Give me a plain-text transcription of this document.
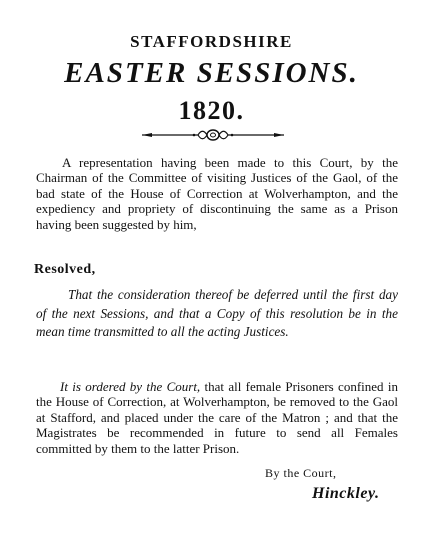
STAFFORDSHIRE
EASTER SESSIONS.
1820.
A representation having been made to this Court, by the Chairman of the Committee of visiting Justices of the Gaol, of the bad state of the House of Correction at Wolverhampton, and the expediency and propriety of discontinuing the same as a Prison having been suggested by him,
Resolved,
That the consideration thereof be deferred until the first day of the next Sessions, and that a Copy of this resolution be in the mean time transmitted to all the acting Justices.
It is ordered by the Court, that all female Prisoners confined in the House of Correction, at Wolverhampton, be removed to the Gaol at Stafford, and placed under the care of the Matron ; and that the Magistrates be recommended in future to send all Females committed by them to the latter Prison.
By the Court,
Hinckley.
